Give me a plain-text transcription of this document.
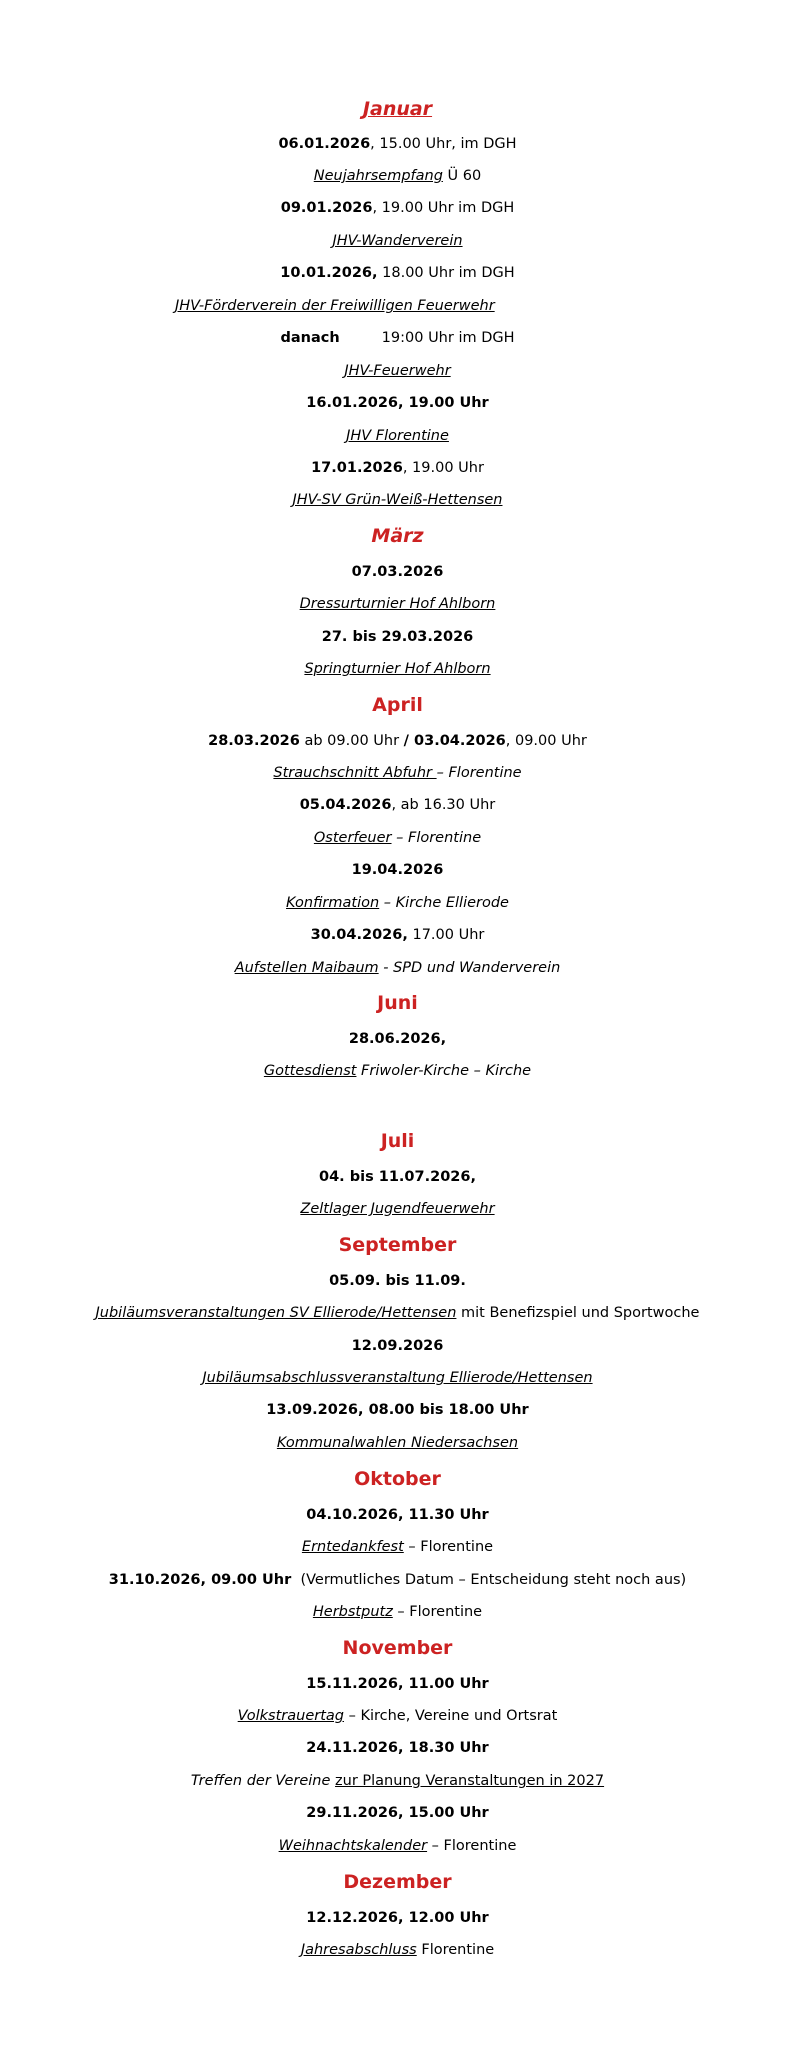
Januar
06.01.2026, 15.00 Uhr, im DGH
Neujahrsempfang Ü 60
09.01.2026, 19.00 Uhr im DGH
JHV-Wanderverein
10.01.2026, 18.00 Uhr im DGH
JHV-Förderverein der Freiwilligen Feuerwehr
danach	19:00 Uhr im DGH
JHV-Feuerwehr
16.01.2026, 19.00 Uhr
JHV Florentine
17.01.2026, 19.00 Uhr
JHV-SV Grün-Weiß-Hettensen
März
07.03.2026
Dressurturnier Hof Ahlborn
27. bis 29.03.2026
Springturnier Hof Ahlborn
April
28.03.2026 ab 09.00 Uhr / 03.04.2026, 09.00 Uhr
Strauchschnitt Abfuhr – Florentine
05.04.2026, ab 16.30 Uhr
Osterfeuer – Florentine
19.04.2026
Konfirmation – Kirche Ellierode
30.04.2026, 17.00 Uhr
Aufstellen Maibaum - SPD und Wanderverein
Juni
28.06.2026,
Gottesdienst Friwoler-Kirche – Kirche
Juli
04. bis 11.07.2026,
Zeltlager Jugendfeuerwehr
September
05.09. bis 11.09.
Jubiläumsveranstaltungen SV Ellierode/Hettensen mit Benefizspiel und Sportwoche
12.09.2026
Jubiläumsabschlussveranstaltung Ellierode/Hettensen
13.09.2026, 08.00 bis 18.00 Uhr
Kommunalwahlen Niedersachsen
Oktober
04.10.2026, 11.30 Uhr
Erntedankfest – Florentine
31.10.2026, 09.00 Uhr  (Vermutliches Datum – Entscheidung steht noch aus)
Herbstputz – Florentine
November
15.11.2026, 11.00 Uhr
Volkstrauertag – Kirche, Vereine und Ortsrat
24.11.2026, 18.30 Uhr
Treffen der Vereine zur Planung Veranstaltungen in 2027
29.11.2026, 15.00 Uhr
Weihnachtskalender – Florentine
Dezember
12.12.2026, 12.00 Uhr
Jahresabschluss Florentine
